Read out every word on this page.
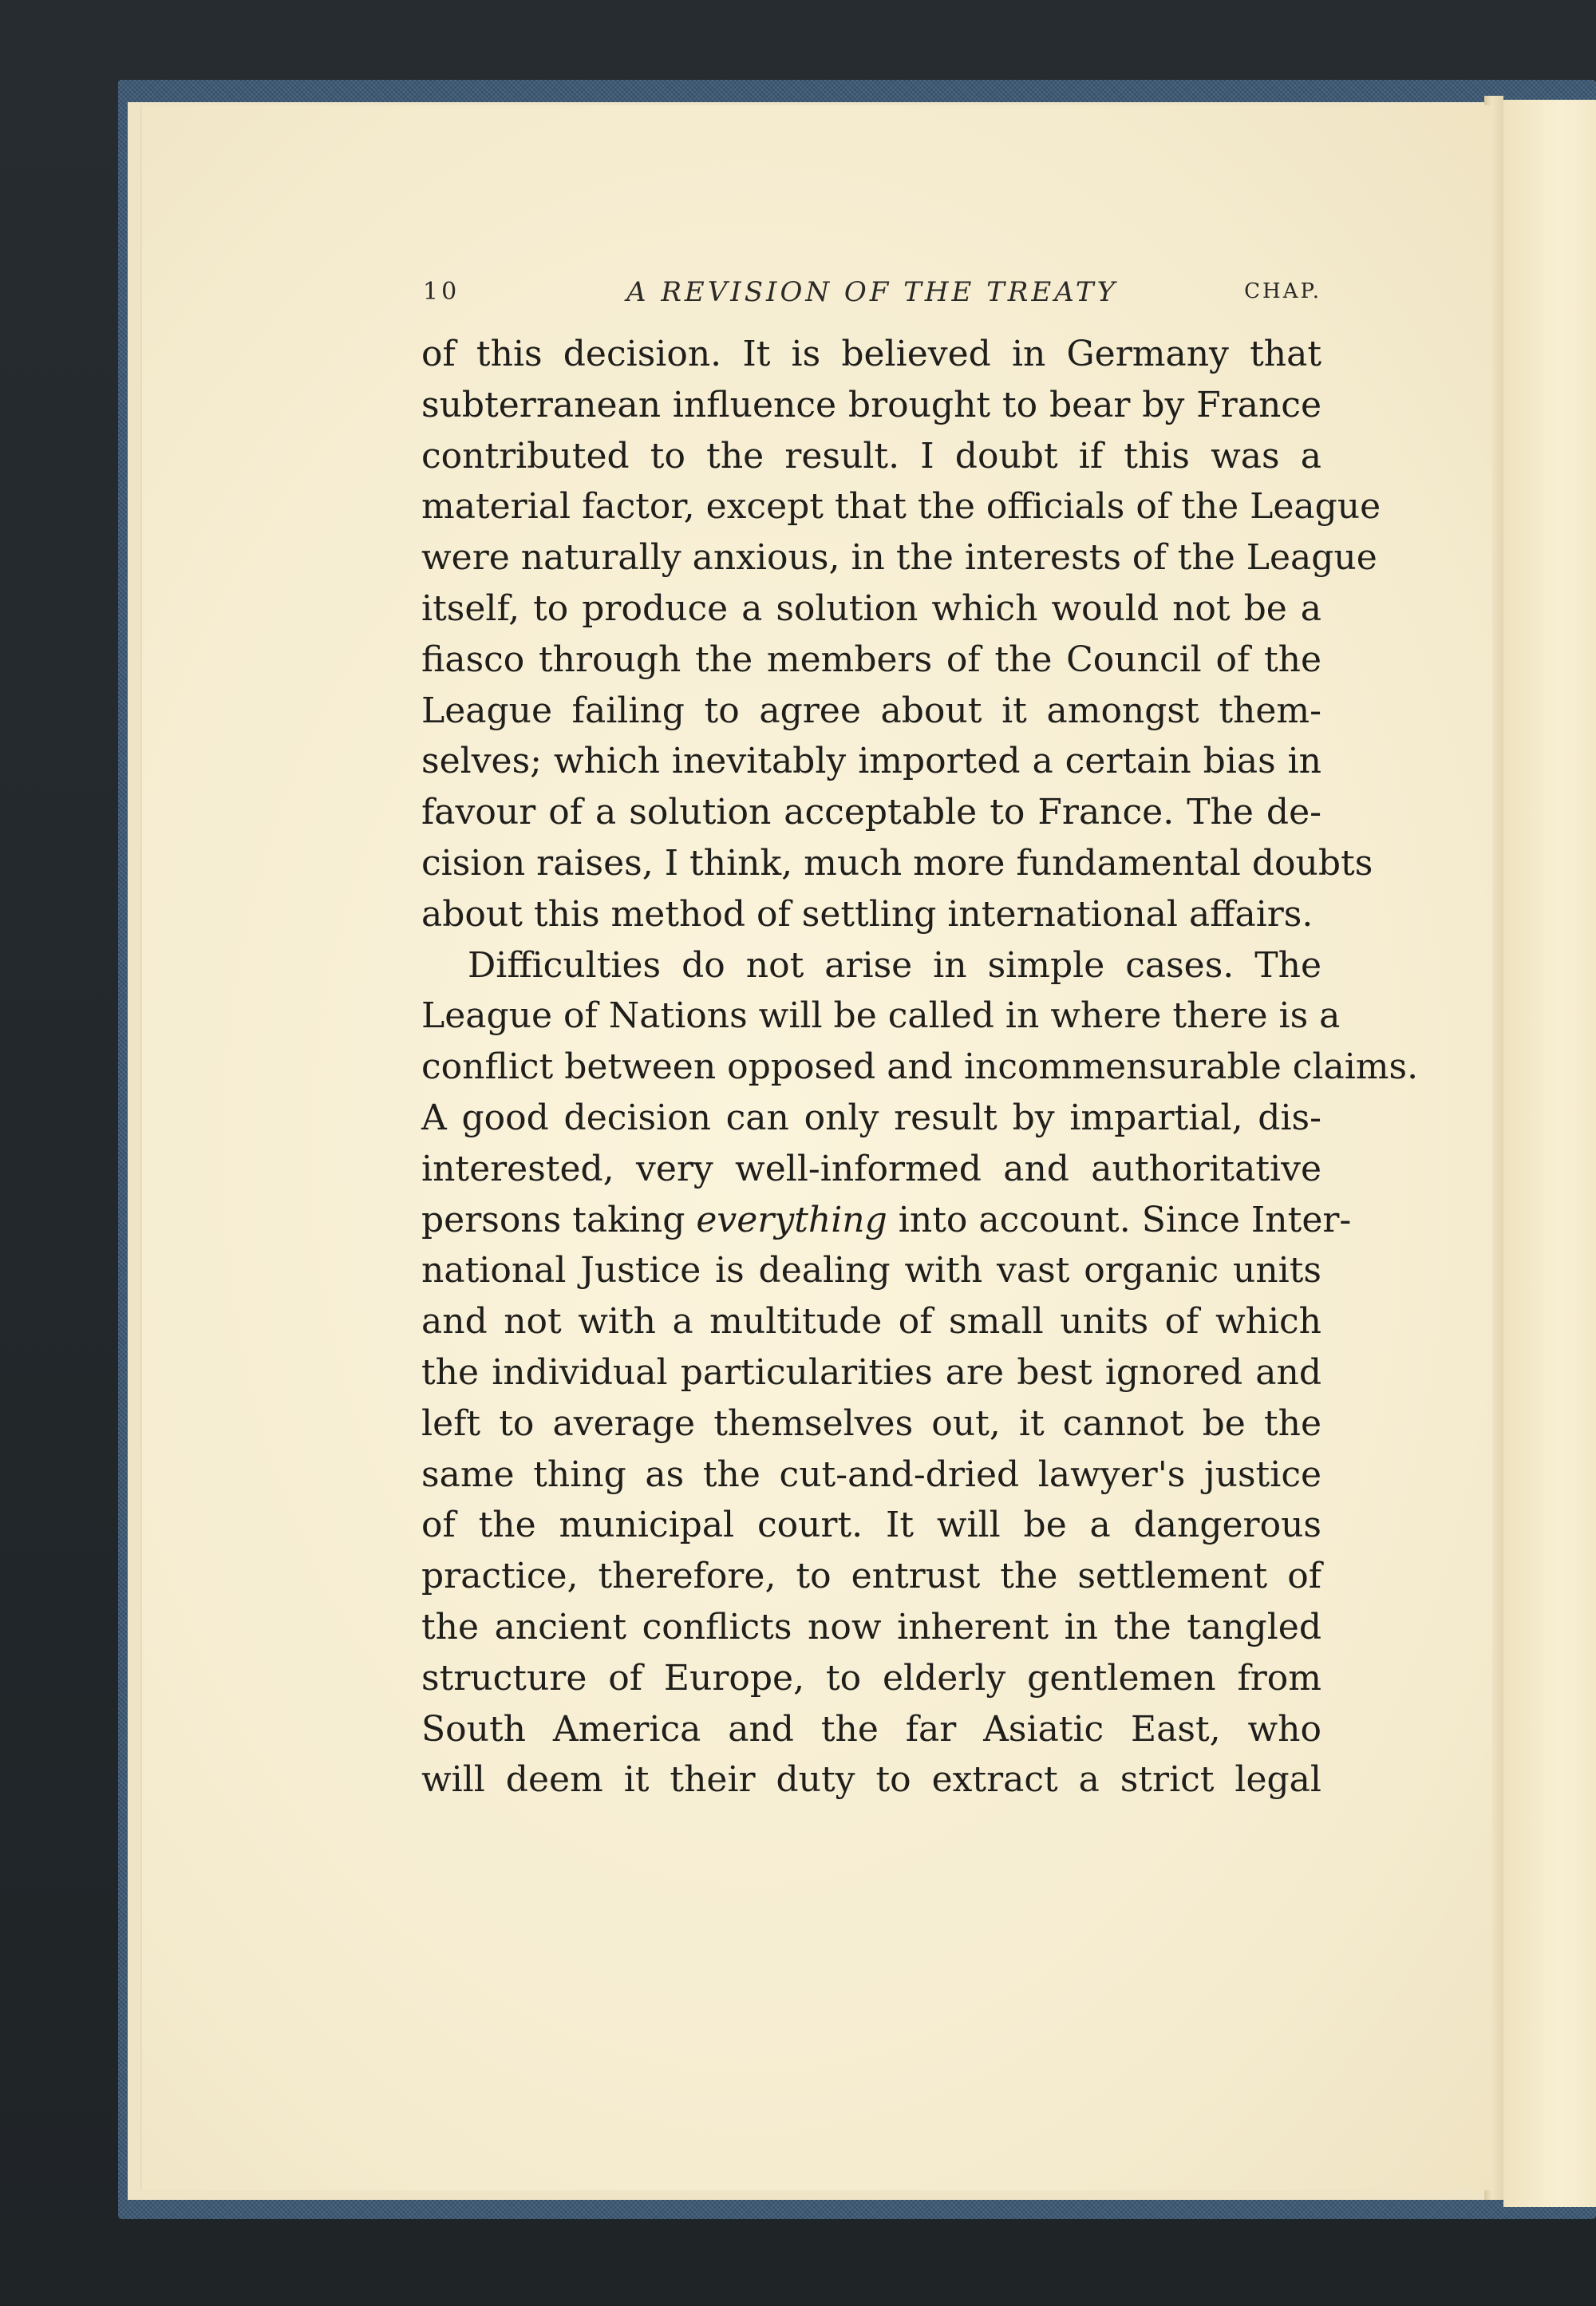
10	A REVISION OF THE TREATY	CHAP.

of this decision. It is believed in Germany that
subterranean influence brought to bear by France
contributed to the result. I doubt if this was a
material factor, except that the officials of the League
were naturally anxious, in the interests of the League
itself, to produce a solution which would not be a
fiasco through the members of the Council of the
League failing to agree about it amongst them-
selves; which inevitably imported a certain bias in
favour of a solution acceptable to France. The de-
cision raises, I think, much more fundamental doubts
about this method of settling international affairs.

Difficulties do not arise in simple cases. The
League of Nations will be called in where there is a
conflict between opposed and incommensurable claims.
A good decision can only result by impartial, dis-
interested, very well-informed and authoritative
persons taking everything into account. Since Inter-
national Justice is dealing with vast organic units
and not with a multitude of small units of which
the individual particularities are best ignored and
left to average themselves out, it cannot be the
same thing as the cut-and-dried lawyer's justice
of the municipal court. It will be a dangerous
practice, therefore, to entrust the settlement of
the ancient conflicts now inherent in the tangled
structure of Europe, to elderly gentlemen from
South America and the far Asiatic East, who
will deem it their duty to extract a strict legal
